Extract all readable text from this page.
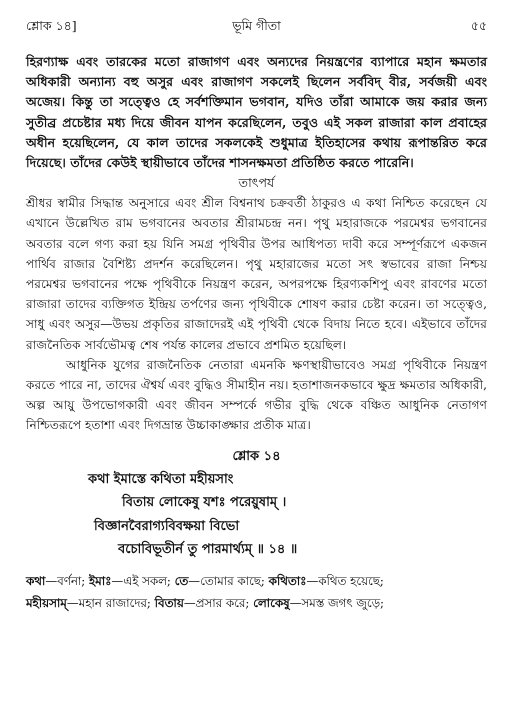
শ্লোক ১৪]	ভূমি গীতা	৫৫

হিরণ্যাক্ষ এবং তারকের মতো রাজাগণ এবং অন্যদের নিয়ন্ত্রণের ব্যাপারে মহান ক্ষমতার অধিকারী অন্যান্য বহু অসুর এবং রাজাগণ সকলেই ছিলেন সর্ববিদ্‌ বীর, সর্বজয়ী এবং অজেয়। কিন্তু তা সত্ত্বেও হে সর্বশক্তিমান ভগবান, যদিও তাঁরা আমাকে জয় করার জন্য সুতীব্র প্রচেষ্টার মধ্য দিয়ে জীবন যাপন করেছিলেন, তবুও এই সকল রাজারা কাল প্রবাহের অধীন হয়েছিলেন, যে কাল তাদের সকলকেই শুধুমাত্র ইতিহাসের কথায় রূপান্তরিত করে দিয়েছে। তাঁদের কেউই স্থায়ীভাবে তাঁদের শাসনক্ষমতা প্রতিষ্ঠিত করতে পারেনি।

তাৎপর্য

শ্রীধর স্বামীর সিদ্ধান্ত অনুসারে এবং শ্রীল বিশ্বনাথ চক্রবর্তী ঠাকুরও এ কথা নিশ্চিত করেছেন যে এখানে উল্লেখিত রাম ভগবানের অবতার শ্রীরামচন্দ্র নন। পৃথু মহারাজকে পরমেশ্বর ভগবানের অবতার বলে গণ্য করা হয় যিনি সমগ্র পৃথিবীর উপর আধিপত্য দাবী করে সম্পূর্ণরূপে একজন পার্থিব রাজার বৈশিষ্ট্য প্রদর্শন করেছিলেন। পৃথু মহারাজের মতো সৎ স্বভাবের রাজা নিশ্চয় পরমেশ্বর ভগবানের পক্ষে পৃথিবীকে নিয়ন্ত্রণ করেন, অপরপক্ষে হিরণ্যকশিপু এবং রাবণের মতো রাজারা তাদের ব্যক্তিগত ইন্দ্রিয় তর্পণের জন্য পৃথিবীকে শোষণ করার চেষ্টা করেন। তা সত্ত্বেও, সাধু এবং অসুর—উভয় প্রকৃতির রাজাদেরই এই পৃথিবী থেকে বিদায় নিতে হবে। এইভাবে তাঁদের রাজনৈতিক সার্বভৌমত্ব শেষ পর্যন্ত কালের প্রভাবে প্রশমিত হয়েছিল।

আধুনিক যুগের রাজনৈতিক নেতারা এমনকি ক্ষণস্থায়ীভাবেও সমগ্র পৃথিবীকে নিয়ন্ত্রণ করতে পারে না, তাদের ঐশ্বর্য এবং বুদ্ধিও সীমাহীন নয়। হতাশাজনকভাবে ক্ষুদ্র ক্ষমতার অধিকারী, অল্প আয়ু উপভোগকারী এবং জীবন সম্পর্কে গভীর বুদ্ধি থেকে বঞ্চিত আধুনিক নেতাগণ নিশ্চিতরূপে হতাশা এবং দিগভ্রান্ত উচ্চাকাঙ্ক্ষার প্রতীক মাত্র।

শ্লোক ১৪
কথা ইমাস্তে কথিতা মহীয়সাং
বিতায় লোকেষু যশঃ পরেয়ুষাম্‌ ।
বিজ্ঞানবৈরাগ্যবিবক্ষয়া বিভো
বচোবিভূতীর্ন তু পারমার্থ্যম্‌ ॥ ১৪ ॥
কথা—বর্ণনা; ইমাঃ—এই সকল; তে—তোমার কাছে; কথিতাঃ—কথিত হয়েছে;
মহীয়সাম্‌—মহান রাজাদের; বিতায়—প্রসার করে; লোকেষু—সমস্ত জগৎ জুড়ে;
